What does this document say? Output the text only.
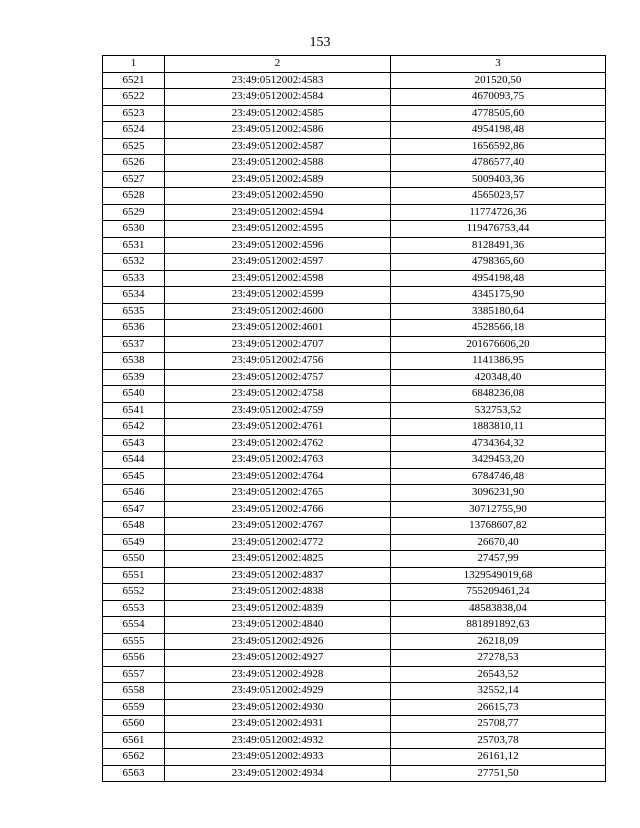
153
1	2	3
6521	23:49:0512002:4583	201520,50
6522	23:49:0512002:4584	4670093,75
6523	23:49:0512002:4585	4778505,60
6524	23:49:0512002:4586	4954198,48
6525	23:49:0512002:4587	1656592,86
6526	23:49:0512002:4588	4786577,40
6527	23:49:0512002:4589	5009403,36
6528	23:49:0512002:4590	4565023,57
6529	23:49:0512002:4594	11774726,36
6530	23:49:0512002:4595	119476753,44
6531	23:49:0512002:4596	8128491,36
6532	23:49:0512002:4597	4798365,60
6533	23:49:0512002:4598	4954198,48
6534	23:49:0512002:4599	4345175,90
6535	23:49:0512002:4600	3385180,64
6536	23:49:0512002:4601	4528566,18
6537	23:49:0512002:4707	201676606,20
6538	23:49:0512002:4756	1141386,95
6539	23:49:0512002:4757	420348,40
6540	23:49:0512002:4758	6848236,08
6541	23:49:0512002:4759	532753,52
6542	23:49:0512002:4761	1883810,11
6543	23:49:0512002:4762	4734364,32
6544	23:49:0512002:4763	3429453,20
6545	23:49:0512002:4764	6784746,48
6546	23:49:0512002:4765	3096231,90
6547	23:49:0512002:4766	30712755,90
6548	23:49:0512002:4767	13768607,82
6549	23:49:0512002:4772	26670,40
6550	23:49:0512002:4825	27457,99
6551	23:49:0512002:4837	1329549019,68
6552	23:49:0512002:4838	755209461,24
6553	23:49:0512002:4839	48583838,04
6554	23:49:0512002:4840	881891892,63
6555	23:49:0512002:4926	26218,09
6556	23:49:0512002:4927	27278,53
6557	23:49:0512002:4928	26543,52
6558	23:49:0512002:4929	32552,14
6559	23:49:0512002:4930	26615,73
6560	23:49:0512002:4931	25708,77
6561	23:49:0512002:4932	25703,78
6562	23:49:0512002:4933	26161,12
6563	23:49:0512002:4934	27751,50
